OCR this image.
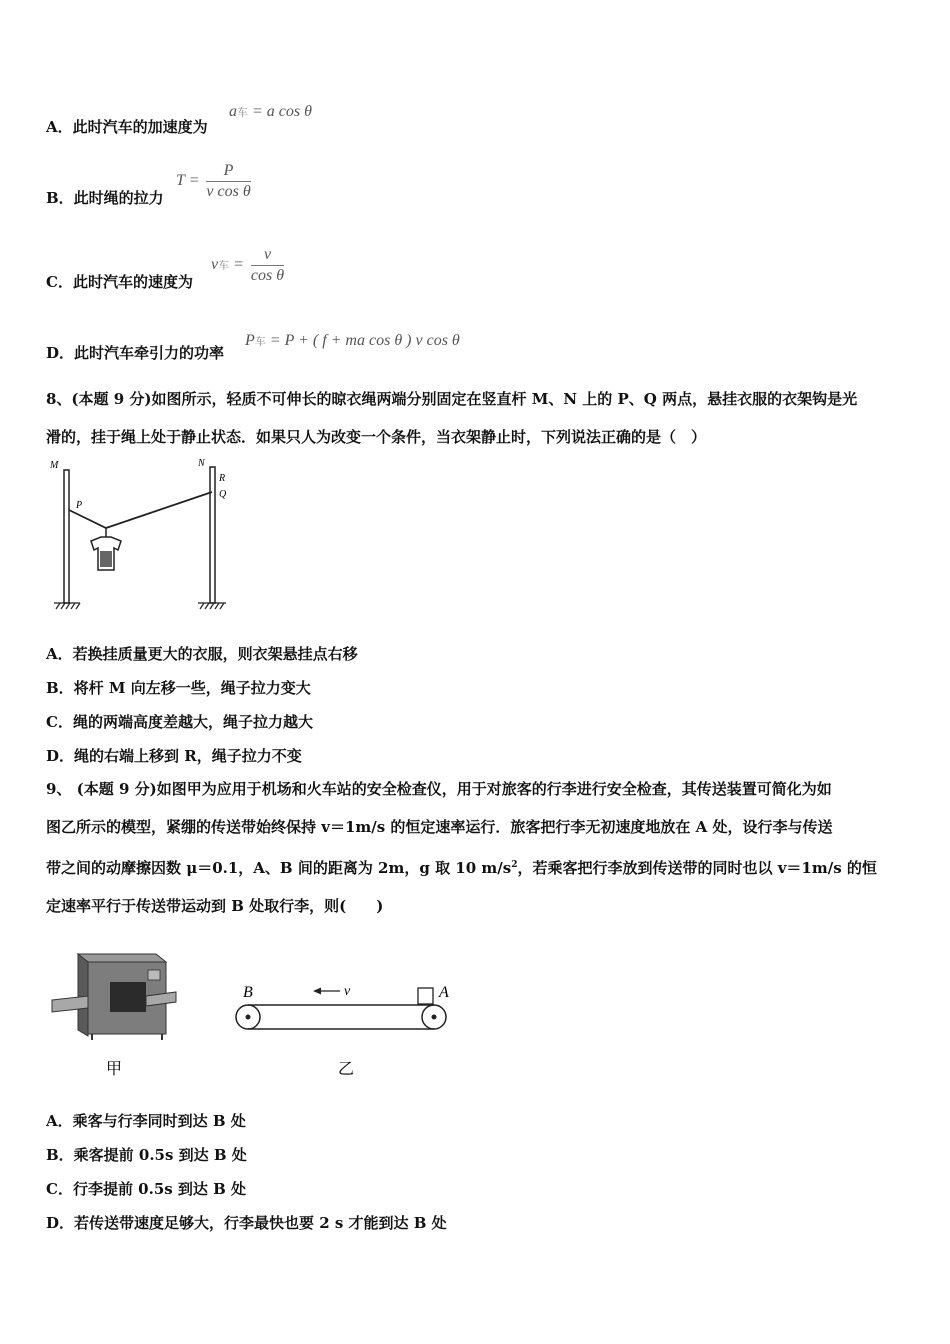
A．此时汽车的加速度为
a车 = a cos θ
B．此时绳的拉力
$T = \frac{P}{\text{v cos θ}}$
C．此时汽车的速度为
v车 = $\frac{v}{\text{cos θ}}$
D．此时汽车牵引力的功率
P车 = P + ( f + ma cos θ ) v cos θ
8、(本题 9 分)如图所示，轻质不可伸长的晾衣绳两端分别固定在竖直杆 M、N 上的 P、Q 两点，悬挂衣服的衣架钩是光
滑的，挂于绳上处于静止状态．如果只人为改变一个条件，当衣架静止时，下列说法正确的是（　）
M	N
P
R
Q
A．若换挂质量更大的衣服，则衣架悬挂点右移
B．将杆 M 向左移一些，绳子拉力变大
C．绳的两端高度差越大，绳子拉力越大
D．绳的右端上移到 R，绳子拉力不变
9、 (本题 9 分)如图甲为应用于机场和火车站的安全检查仪，用于对旅客的行李进行安全检查，其传送装置可简化为如
图乙所示的模型，紧绷的传送带始终保持 v＝1m/s 的恒定速率运行．旅客把行李无初速度地放在 A 处，设行李与传送
带之间的动摩擦因数 μ＝0.1，A、B 间的距离为 2m，g 取 10 $m/s^2$，若乘客把行李放到传送带的同时也以 v＝1m/s 的恒
定速率平行于传送带运动到 B 处取行李，则(　　)
甲
v
B	A
乙
A．乘客与行李同时到达 B 处
B．乘客提前 0.5s 到达 B 处
C．行李提前 0.5s 到达 B 处
D．若传送带速度足够大，行李最快也要 2 s 才能到达 B 处
